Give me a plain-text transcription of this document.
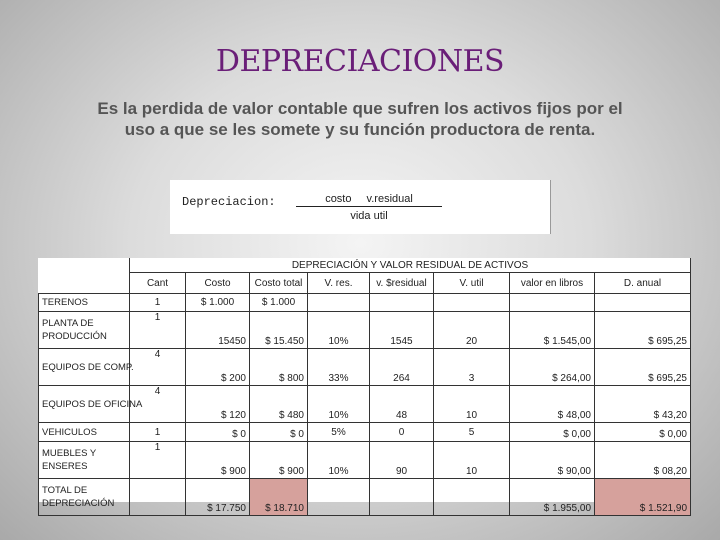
DEPRECIACIONES
Es la perdida de valor contable que sufren los activos fijos por el uso a que se les somete y su función productora de renta.
Depreciacion:	costo v.residual
vida util
	DEPRECIACIÓN Y VALOR RESIDUAL DE ACTIVOS							
	Cant	Costo	Costo total	V. res.	v. $residual	V. util	valor en libros	D. anual
TERENOS	1	$ 1.000	$ 1.000					
PLANTA DE PRODUCCIÓN	1	15450	$ 15.450	10%	1545	20	$ 1.545,00	$ 695,25
EQUIPOS DE COMP.	4	$ 200	$ 800	33%	264	3	$ 264,00	$ 695,25
EQUIPOS DE OFICINA	4	$ 120	$ 480	10%	48	10	$ 48,00	$ 43,20
VEHICULOS	1	$ 0	$ 0	5%	0	5	$ 0,00	$ 0,00
MUEBLES Y ENSERES	1	$ 900	$ 900	10%	90	10	$ 90,00	$ 08,20
TOTAL DE DEPRECIACIÓN		$ 17.750	$ 18.710				$ 1.955,00	$ 1.521,90
